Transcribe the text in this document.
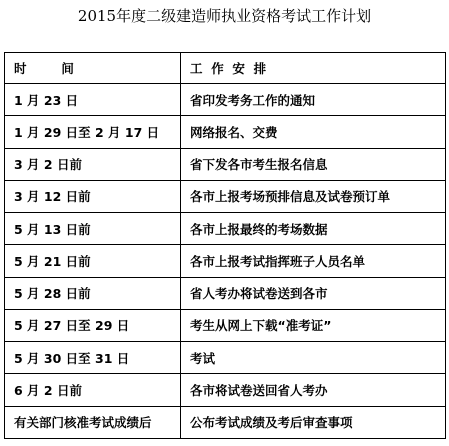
2015年度二级建造师执业资格考试工作计划
时        间	工  作  安  排
1 月 23 日	省印发考务工作的通知
1 月 29 日至 2 月 17 日	网络报名、交费
3 月 2 日前	省下发各市考生报名信息
3 月 12 日前	各市上报考场预排信息及试卷预订单
5 月 13 日前	各市上报最终的考场数据
5 月 21 日前	各市上报考试指挥班子人员名单
5 月 28 日前	省人考办将试卷送到各市
5 月 27 日至 29 日	考生从网上下载“准考证”
5 月 30 日至 31 日	考试
6 月 2 日前	各市将试卷送回省人考办
有关部门核准考试成绩后	公布考试成绩及考后审查事项
